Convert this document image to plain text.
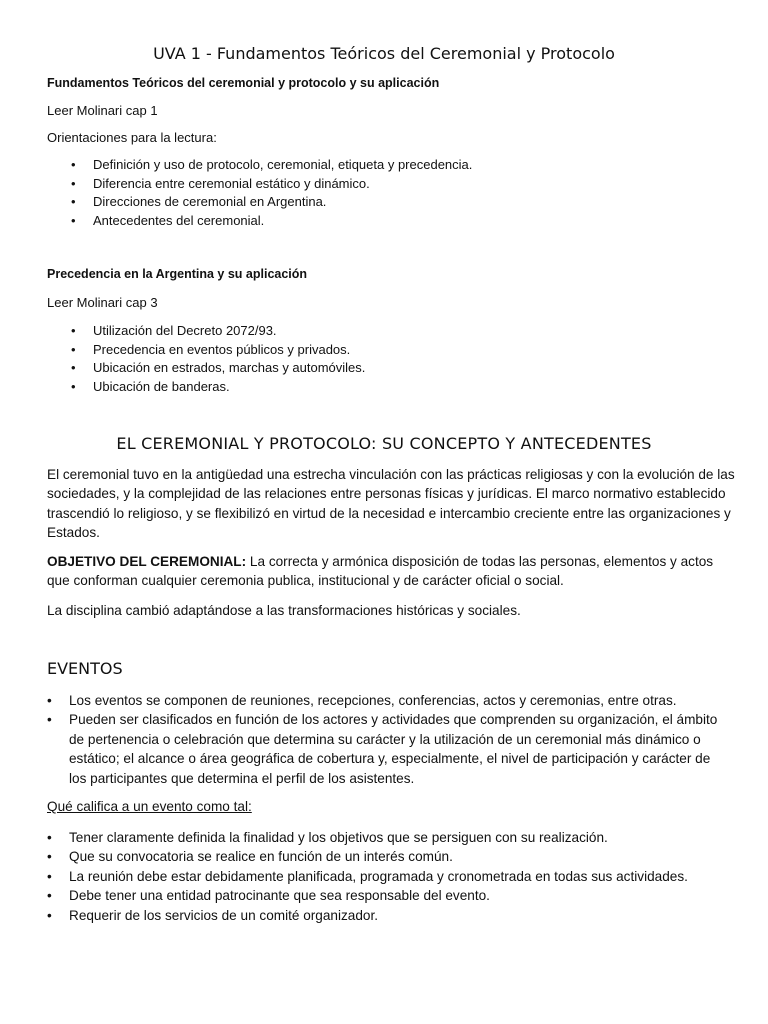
UVA 1 - Fundamentos Teóricos del Ceremonial y Protocolo
Fundamentos Teóricos del ceremonial y protocolo y su aplicación
Leer Molinari cap 1
Orientaciones para la lectura:
• Definición y uso de protocolo, ceremonial, etiqueta y precedencia.
• Diferencia entre ceremonial estático y dinámico.
• Direcciones de ceremonial en Argentina.
• Antecedentes del ceremonial.
Precedencia en la Argentina y su aplicación
Leer Molinari cap 3
• Utilización del Decreto 2072/93.
• Precedencia en eventos públicos y privados.
• Ubicación en estrados, marchas y automóviles.
• Ubicación de banderas.
EL CEREMONIAL Y PROTOCOLO: SU CONCEPTO Y ANTECEDENTES

El ceremonial tuvo en la antigüedad una estrecha vinculación con las prácticas religiosas y con la evolución de las sociedades, y la complejidad de las relaciones entre personas físicas y jurídicas. El marco normativo establecido trascendió lo religioso, y se flexibilizó en virtud de la necesidad e intercambio creciente entre las organizaciones y Estados.

OBJETIVO DEL CEREMONIAL: La correcta y armónica disposición de todas las personas, elementos y actos que conforman cualquier ceremonia publica, institucional y de carácter oficial o social.

La disciplina cambió adaptándose a las transformaciones históricas y sociales.

EVENTOS
• Los eventos se componen de reuniones, recepciones, conferencias, actos y ceremonias, entre otras.
• Pueden ser clasificados en función de los actores y actividades que comprenden su organización, el ámbito de pertenencia o celebración que determina su carácter y la utilización de un ceremonial más dinámico o estático; el alcance o área geográfica de cobertura y, especialmente, el nivel de participación y carácter de los participantes que determina el perfil de los asistentes.
Qué califica a un evento como tal:
• Tener claramente definida la finalidad y los objetivos que se persiguen con su realización.
• Que su convocatoria se realice en función de un interés común.
• La reunión debe estar debidamente planificada, programada y cronometrada en todas sus actividades.
• Debe tener una entidad patrocinante que sea responsable del evento.
• Requerir de los servicios de un comité organizador.
